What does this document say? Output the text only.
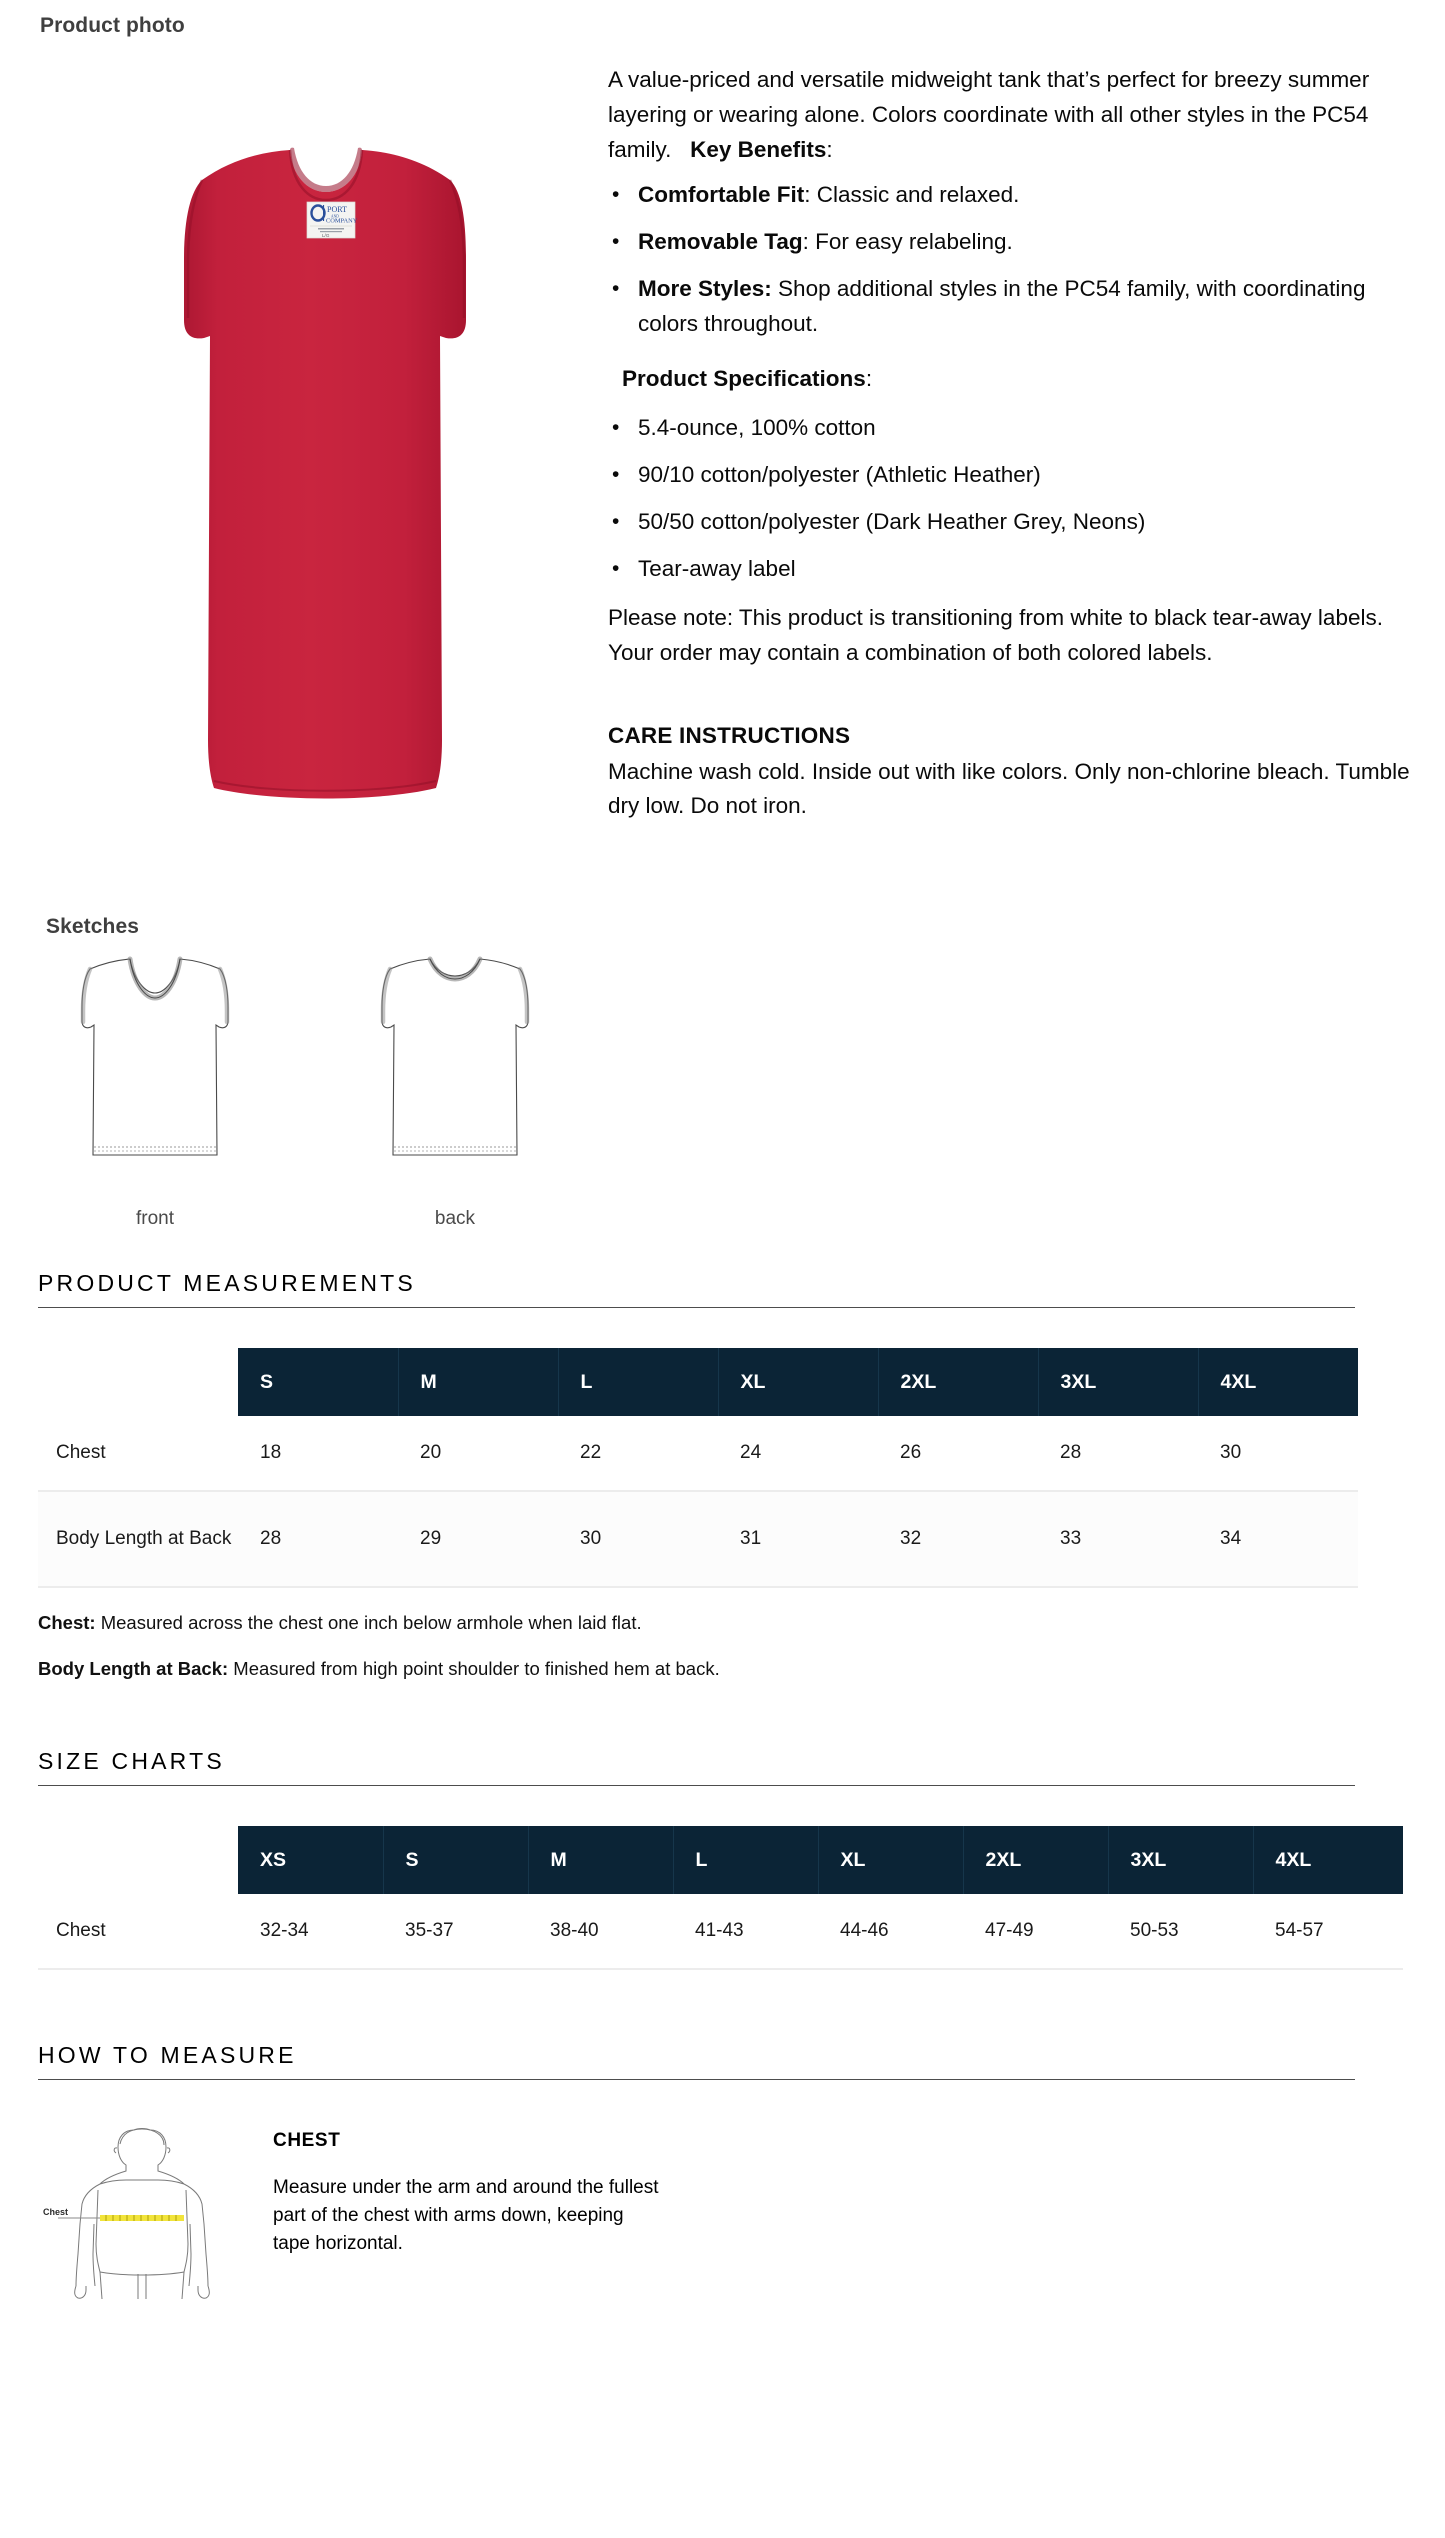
Product photo
PORT
AND
COMPANY
L/G

A value-priced and versatile midweight tank that’s perfect for breezy summer layering or wearing alone. Colors coordinate with all other styles in the PC54 family.   Key Benefits:

• Comfortable Fit: Classic and relaxed.
• Removable Tag: For easy relabeling.
• More Styles: Shop additional styles in the PC54 family, with coordinating colors throughout.
Product Specifications:
• 5.4-ounce, 100% cotton
• 90/10 cotton/polyester (Athletic Heather)
• 50/50 cotton/polyester (Dark Heather Grey, Neons)
• Tear-away label

Please note: This product is transitioning from white to black tear-away labels. Your order may contain a combination of both colored labels.

CARE INSTRUCTIONS

Machine wash cold. Inside out with like colors. Only non-chlorine bleach. Tumble dry low. Do not iron.

Sketches
front	back
PRODUCT MEASUREMENTS
	S	M	L	XL	2XL	3XL	4XL
Chest	18	20	22	24	26	28	30
Body Length at Back	28	29	30	31	32	33	34

Chest: Measured across the chest one inch below armhole when laid flat.

Body Length at Back: Measured from high point shoulder to finished hem at back.

SIZE CHARTS
	XS	S	M	L	XL	2XL	3XL	4XL
Chest	32-34	35-37	38-40	41-43	44-46	47-49	50-53	54-57
HOW TO MEASURE
Chest

CHEST

Measure under the arm and around the fullest part of the chest with arms down, keeping tape horizontal.
